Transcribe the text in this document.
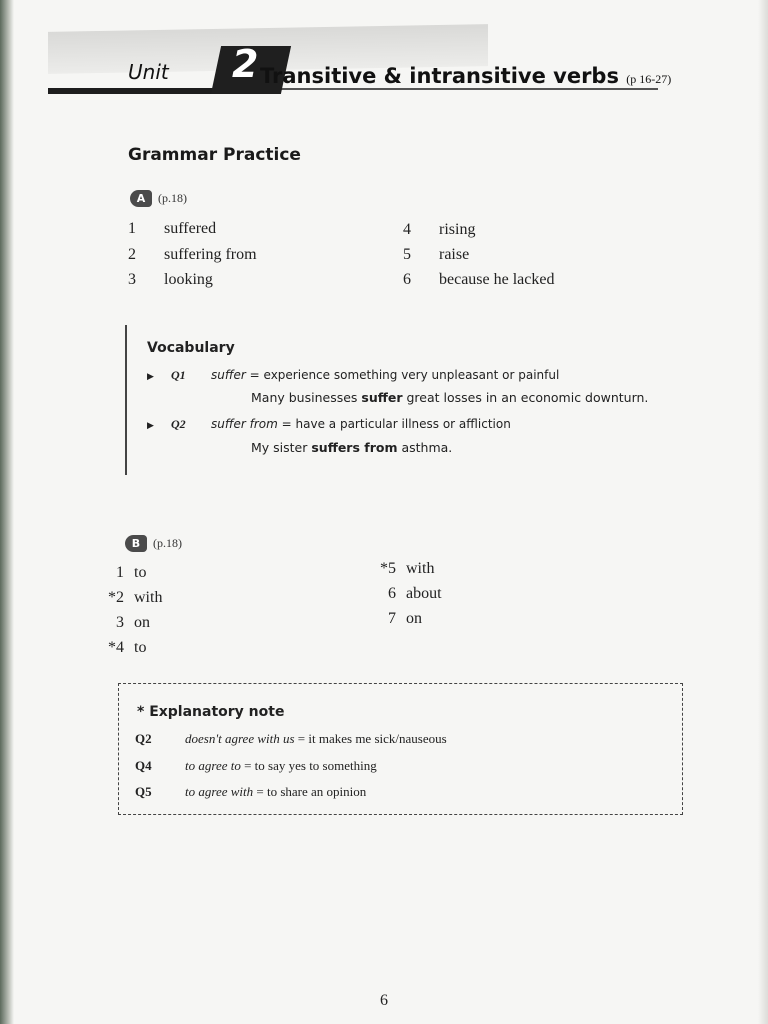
Unit 2 Transitive & intransitive verbs (p 16-27)
Grammar Practice
A	(p.18)
1 suffered
2 suffering from
3 looking
4 rising
5 raise
6 because he lacked
Vocabulary
▶ Q1 suffer = experience something very unpleasant or painful
Many businesses suffer great losses in an economic downturn.
▶ Q2 suffer from = have a particular illness or affliction
My sister suffers from asthma.
B	(p.18)
1 to
*2 with
3 on
*4 to
*5 with
6 about
7 on
* Explanatory note
Q2	doesn't agree with us = it makes me sick/nauseous
Q4	to agree to = to say yes to something
Q5	to agree with = to share an opinion
6
